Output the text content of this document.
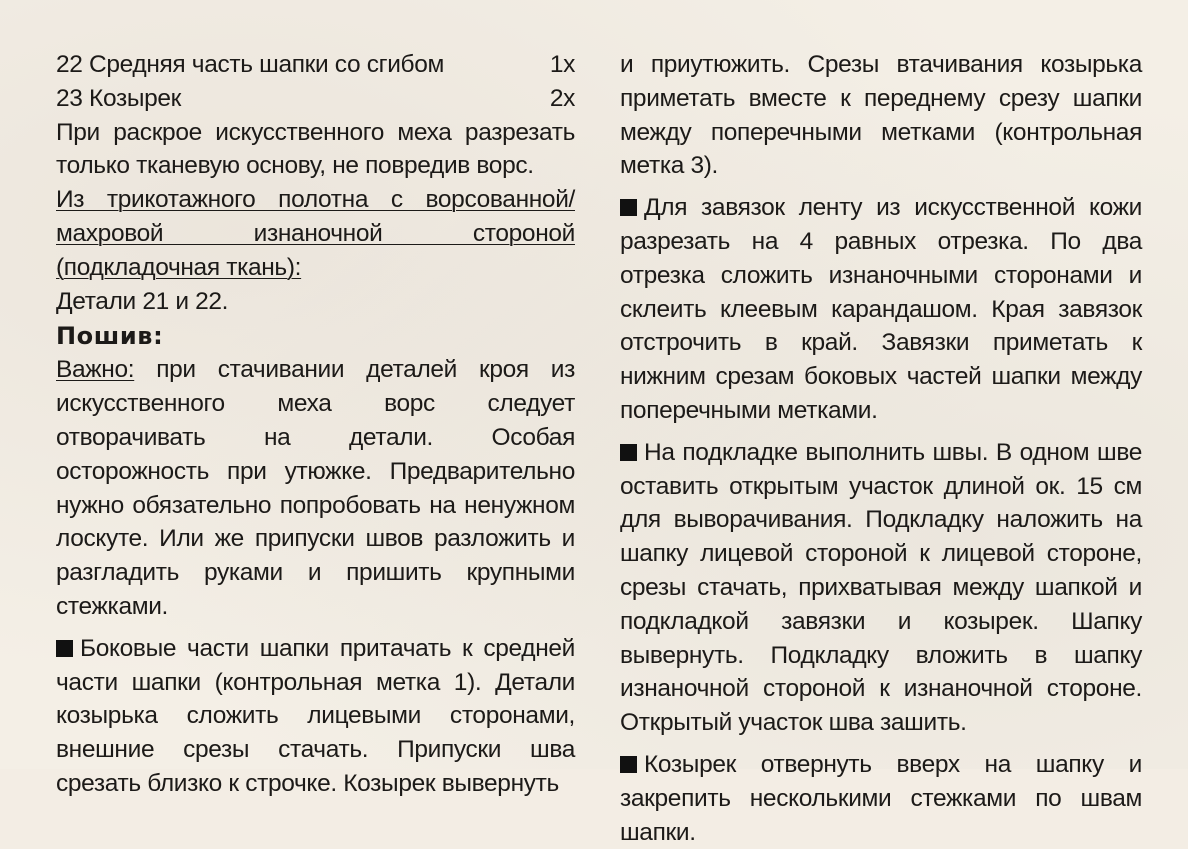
22 Средняя часть шапки со сгибом	1х
23 Козырек	2х

При раскрое искусственного меха разрезать только тканевую основу, не повредив ворс.

Из трикотажного полотна с ворсованной/махровой изнаночной стороной (подкладочная ткань):

Детали 21 и 22.

Пошив:

Важно: при стачивании деталей кроя из искусственного меха ворс следует отворачивать на детали. Особая осторожность при утюжке. Предварительно нужно обязательно попробовать на ненужном лоскуте. Или же припуски швов разложить и разгладить руками и пришить крупными стежками.

Боковые части шапки притачать к средней части шапки (контрольная метка 1). Детали козырька сложить лицевыми сторонами, внешние срезы стачать. Припуски шва срезать близко к строчке. Козырек вывернуть

и приутюжить. Срезы втачивания козырька приметать вместе к переднему срезу шапки между поперечными метками (контрольная метка 3).

Для завязок ленту из искусственной кожи разрезать на 4 равных отрезка. По два отрезка сложить изнаночными сторонами и склеить клеевым карандашом. Края завязок отстрочить в край. Завязки приметать к нижним срезам боковых частей шапки между поперечными метками.

На подкладке выполнить швы. В одном шве оставить открытым участок длиной ок. 15 см для выворачивания. Подкладку наложить на шапку лицевой стороной к лицевой стороне, срезы стачать, прихватывая между шапкой и подкладкой завязки и козырек. Шапку вывернуть. Подкладку вложить в шапку изнаночной стороной к изнаночной стороне. Открытый участок шва зашить.

Козырек отвернуть вверх на шапку и закрепить несколькими стежками по швам шапки.
